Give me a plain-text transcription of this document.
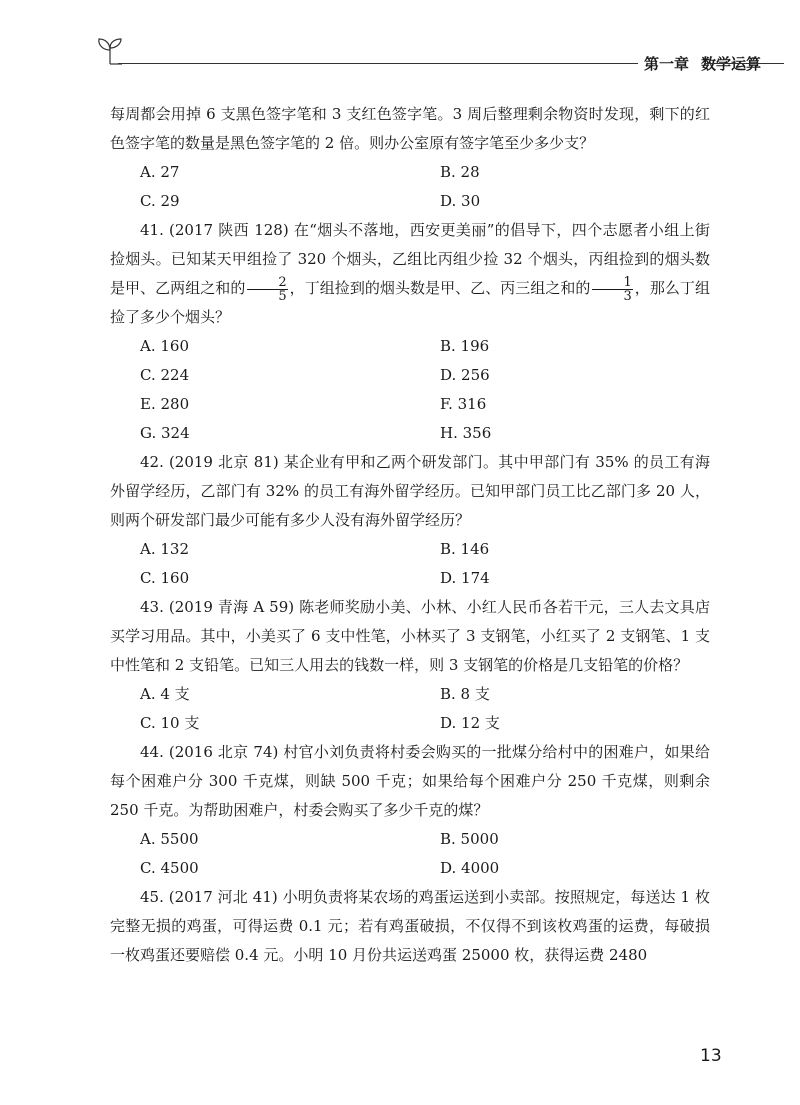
第一章 数学运算

每周都会用掉 6 支黑色签字笔和 3 支红色签字笔。3 周后整理剩余物资时发现，剩下的红色签字笔的数量是黑色签字笔的 2 倍。则办公室原有签字笔至少多少支？

A. 27	B. 28
C. 29	D. 30

41. (2017 陕西 128) 在“烟头不落地，西安更美丽”的倡导下，四个志愿者小组上街捡烟头。已知某天甲组捡了 320 个烟头，乙组比丙组少捡 32 个烟头，丙组捡到的烟头数是甲、乙两组之和的 $\frac{2}{5}$ ，丁组捡到的烟头数是甲、乙、丙三组之和的 $\frac{1}{3}$ ，那么丁组捡了多少个烟头？

A. 160	B. 196
C. 224	D. 256
E. 280	F. 316
G. 324	H. 356

42. (2019 北京 81) 某企业有甲和乙两个研发部门。其中甲部门有 35% 的员工有海外留学经历，乙部门有 32% 的员工有海外留学经历。已知甲部门员工比乙部门多 20 人，则两个研发部门最少可能有多少人没有海外留学经历？

A. 132	B. 146
C. 160	D. 174

43. (2019 青海 A 59) 陈老师奖励小美、小林、小红人民币各若干元，三人去文具店买学习用品。其中，小美买了 6 支中性笔，小林买了 3 支钢笔，小红买了 2 支钢笔、1 支中性笔和 2 支铅笔。已知三人用去的钱数一样，则 3 支钢笔的价格是几支铅笔的价格？

A. 4 支	B. 8 支
C. 10 支	D. 12 支

44. (2016 北京 74) 村官小刘负责将村委会购买的一批煤分给村中的困难户，如果给每个困难户分 300 千克煤，则缺 500 千克；如果给每个困难户分 250 千克煤，则剩余 250 千克。为帮助困难户，村委会购买了多少千克的煤？

A. 5500	B. 5000
C. 4500	D. 4000

45. (2017 河北 41) 小明负责将某农场的鸡蛋运送到小卖部。按照规定，每送达 1 枚完整无损的鸡蛋，可得运费 0.1 元；若有鸡蛋破损，不仅得不到该枚鸡蛋的运费，每破损一枚鸡蛋还要赔偿 0.4 元。小明 10 月份共运送鸡蛋 25000 枚，获得运费 2480

13
